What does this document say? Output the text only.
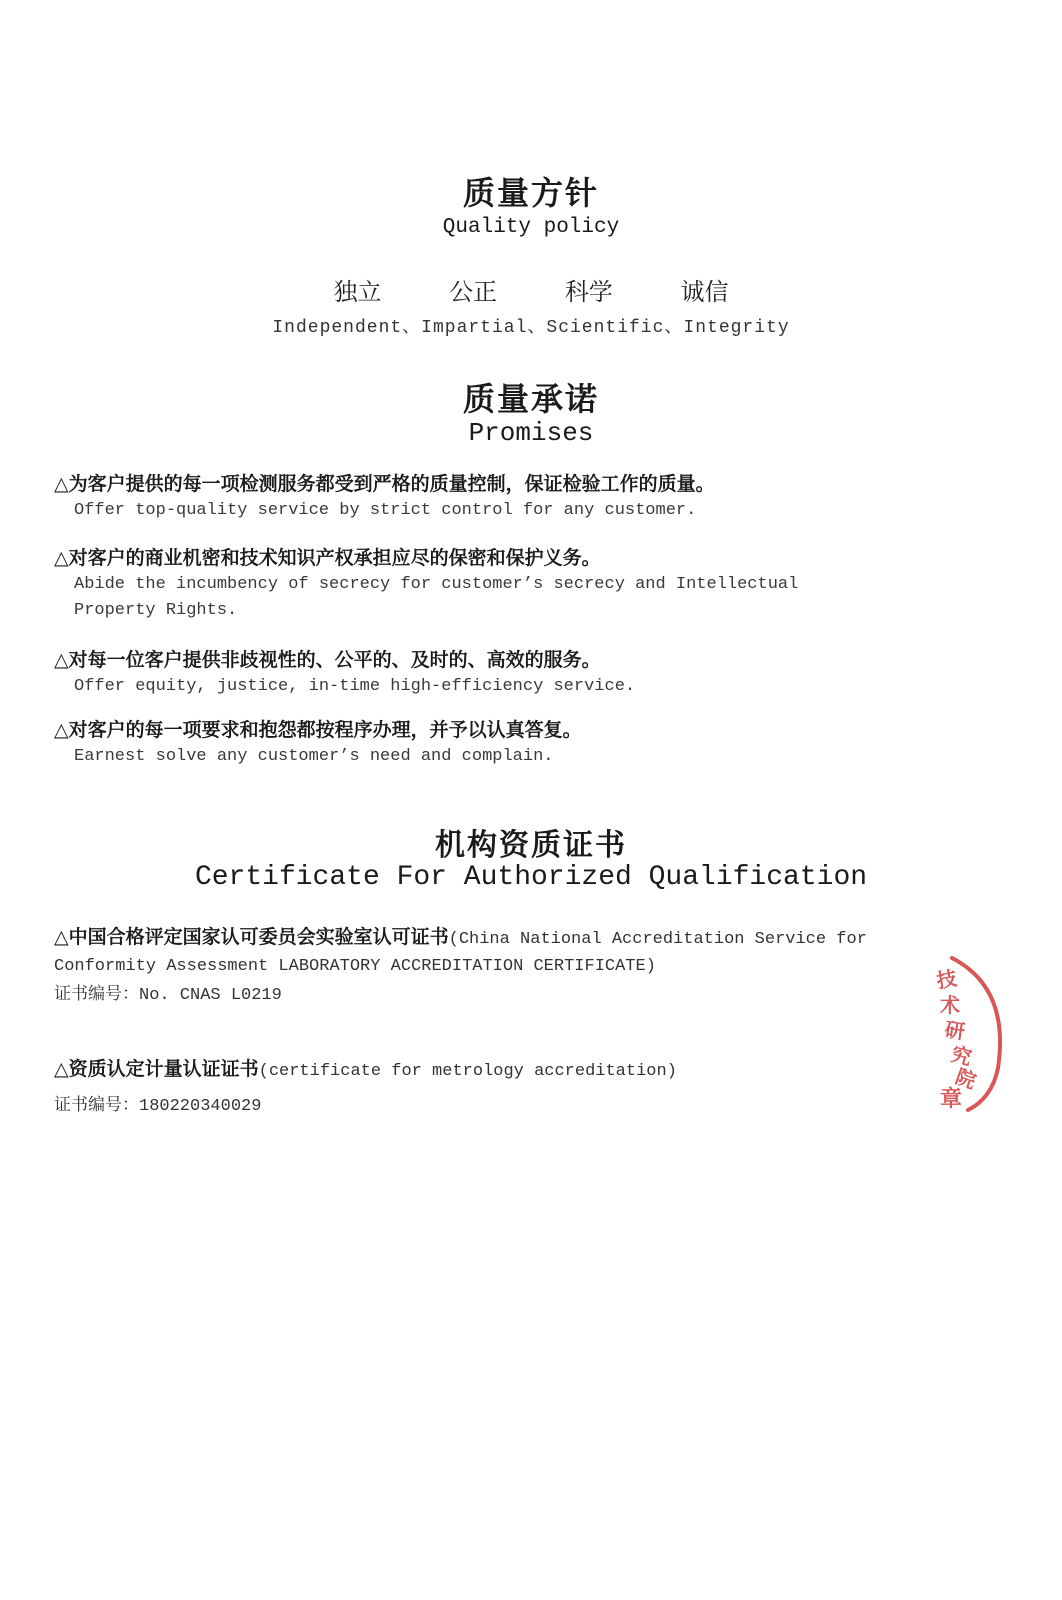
质量方针
Quality policy
独立	公正	科学	诚信
Independent、Impartial、Scientific、Integrity
质量承诺
Promises
△为客户提供的每一项检测服务都受到严格的质量控制，保证检验工作的质量。
Offer top-quality service by strict control for any customer.
△对客户的商业机密和技术知识产权承担应尽的保密和保护义务。
Abide the incumbency of secrecy for customer’s secrecy and Intellectual Property Rights.
△对每一位客户提供非歧视性的、公平的、及时的、高效的服务。
Offer equity, justice, in-time high-efficiency service.
△对客户的每一项要求和抱怨都按程序办理，并予以认真答复。
Earnest solve any customer’s need and complain.
机构资质证书
Certificate For Authorized Qualification
△中国合格评定国家认可委员会实验室认可证书(China National Accreditation Service for Conformity Assessment LABORATORY ACCREDITATION CERTIFICATE)
证书编号：No. CNAS L0219
△资质认定计量认证证书(certificate for metrology accreditation)
证书编号：180220340029
技
术
研
究
院
章
